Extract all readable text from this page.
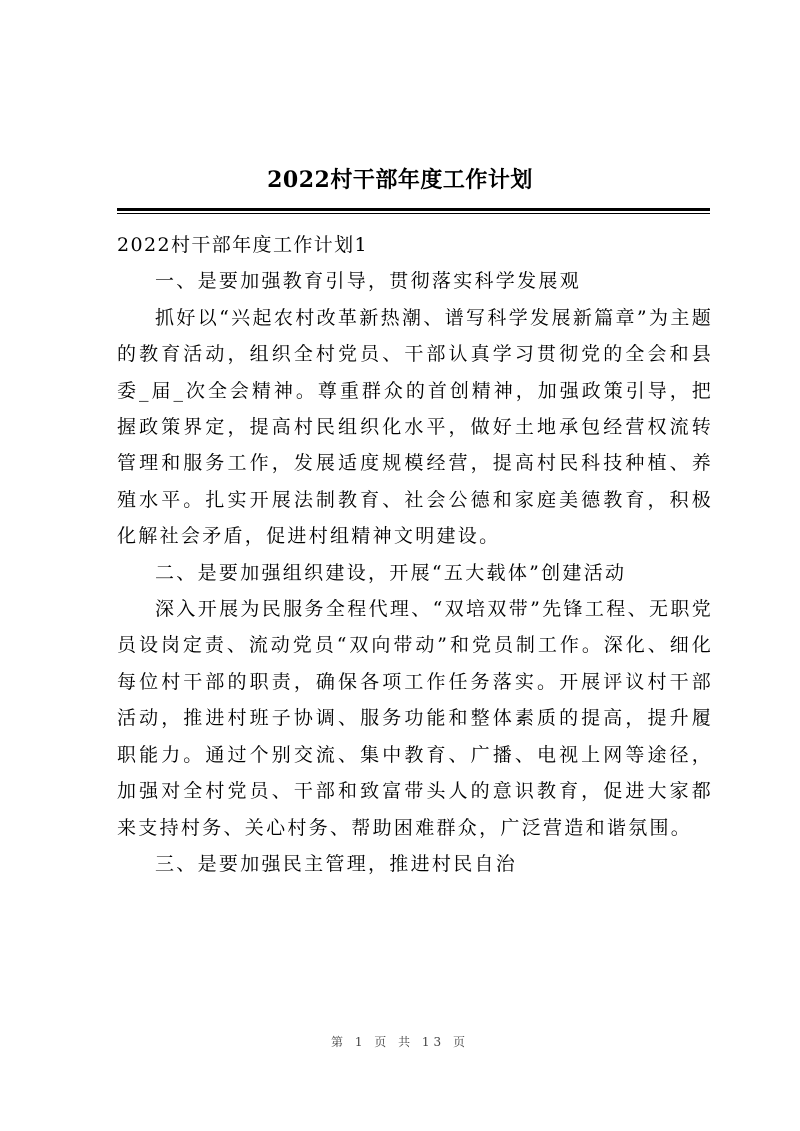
2022村干部年度工作计划

2022村干部年度工作计划1

一、是要加强教育引导，贯彻落实科学发展观

抓好以“兴起农村改革新热潮、谱写科学发展新篇章”为主题的教育活动，组织全村党员、干部认真学习贯彻党的全会和县委_届_次全会精神。尊重群众的首创精神，加强政策引导，把握政策界定，提高村民组织化水平，做好土地承包经营权流转管理和服务工作，发展适度规模经营，提高村民科技种植、养殖水平。扎实开展法制教育、社会公德和家庭美德教育，积极化解社会矛盾，促进村组精神文明建设。

二、是要加强组织建设，开展“五大载体”创建活动

深入开展为民服务全程代理、“双培双带”先锋工程、无职党员设岗定责、流动党员“双向带动”和党员制工作。深化、细化每位村干部的职责，确保各项工作任务落实。开展评议村干部活动，推进村班子协调、服务功能和整体素质的提高，提升履职能力。通过个别交流、集中教育、广播、电视上网等途径，加强对全村党员、干部和致富带头人的意识教育，促进大家都来支持村务、关心村务、帮助困难群众，广泛营造和谐氛围。

三、是要加强民主管理，推进村民自治

第 1 页 共 13 页
